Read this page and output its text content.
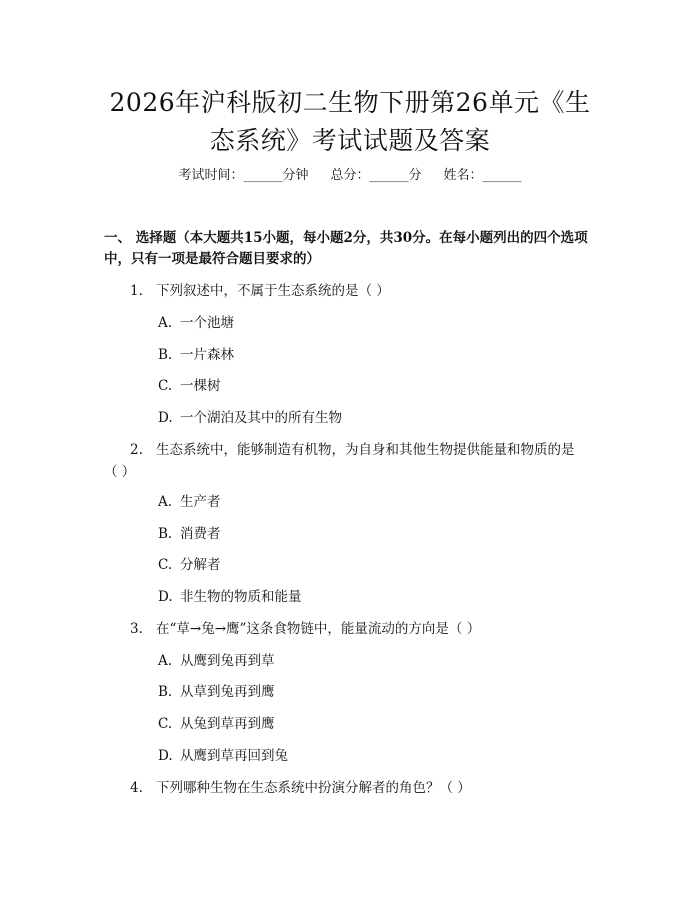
2026年沪科版初二生物下册第26单元《生
态系统》考试试题及答案
考试时间：______分钟 总分：______分 姓名：______
一、 选择题（本大题共15小题，每小题2分，共30分。在每小题列出的四个选项中，只有一项是最符合题目要求的）
1. 下列叙述中，不属于生态系统的是（ ）
A. 一个池塘
B. 一片森林
C. 一棵树
D. 一个湖泊及其中的所有生物
2. 生态系统中，能够制造有机物，为自身和其他生物提供能量和物质的是
（ ）
A. 生产者
B. 消费者
C. 分解者
D. 非生物的物质和能量
3. 在“草→兔→鹰”这条食物链中，能量流动的方向是（ ）
A. 从鹰到兔再到草
B. 从草到兔再到鹰
C. 从兔到草再到鹰
D. 从鹰到草再回到兔
4. 下列哪种生物在生态系统中扮演分解者的角色？（ ）
